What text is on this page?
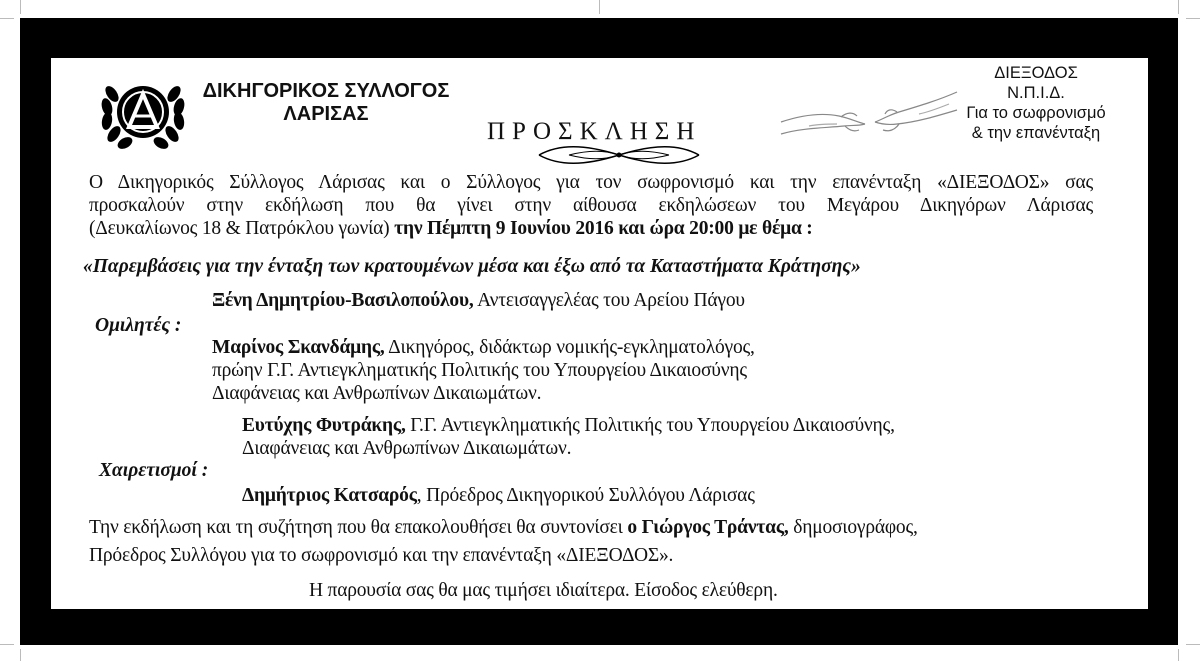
ΔΙΚΗΓΟΡΙΚΟΣ ΣΥΛΛΟΓΟΣ ΛΑΡΙΣΑΣ
ΠΡΟΣΚΛΗΣΗ
ΔΙΕΞΟΔΟΣ
Ν.Π.Ι.Δ.
Για το σωφρονισμό
& την επανένταξη
Ο Δικηγορικός Σύλλογος Λάρισας και ο Σύλλογος για τον σωφρονισμό και την επανένταξη «ΔΙΕΞΟΔΟΣ» σας
προσκαλούν στην εκδήλωση που θα γίνει στην αίθουσα εκδηλώσεων του Μεγάρου Δικηγόρων Λάρισας
(Δευκαλίωνος 18 & Πατρόκλου γωνία) την Πέμπτη 9 Ιουνίου 2016 και ώρα 20:00 με θέμα :
«Παρεμβάσεις για την ένταξη των κρατουμένων μέσα και έξω από τα Καταστήματα Κράτησης»
Ξένη Δημητρίου-Βασιλοπούλου, Αντεισαγγελέας του Αρείου Πάγου
Ομιλητές :
Μαρίνος Σκανδάμης, Δικηγόρος, διδάκτωρ νομικής-εγκληματολόγος,
πρώην Γ.Γ. Αντιεγκληματικής Πολιτικής του Υπουργείου Δικαιοσύνης
Διαφάνειας και Ανθρωπίνων Δικαιωμάτων.
Ευτύχης Φυτράκης, Γ.Γ. Αντιεγκληματικής Πολιτικής του Υπουργείου Δικαιοσύνης,
Διαφάνειας και Ανθρωπίνων Δικαιωμάτων.
Χαιρετισμοί :
Δημήτριος Κατσαρός, Πρόεδρος Δικηγορικού Συλλόγου Λάρισας
Την εκδήλωση και τη συζήτηση που θα επακολουθήσει θα συντονίσει ο Γιώργος Τράντας, δημοσιογράφος,
Πρόεδρος Συλλόγου για το σωφρονισμό και την επανένταξη «ΔΙΕΞΟΔΟΣ».
Η παρουσία σας θα μας τιμήσει ιδιαίτερα. Είσοδος ελεύθερη.
